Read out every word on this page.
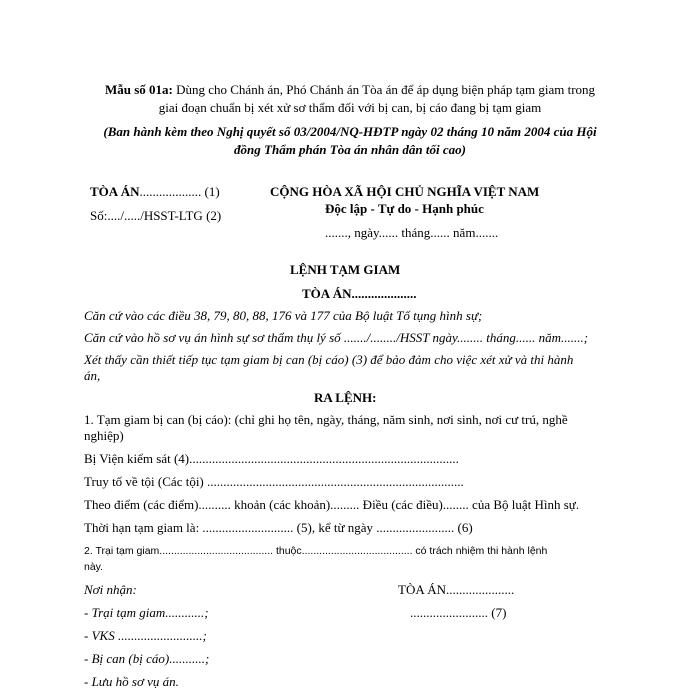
Mẫu số 01a: Dùng cho Chánh án, Phó Chánh án Tòa án để áp dụng biện pháp tạm giam trong
giai đoạn chuẩn bị xét xử sơ thẩm đối với bị can, bị cáo đang bị tạm giam
(Ban hành kèm theo Nghị quyết số 03/2004/NQ-HĐTP ngày 02 tháng 10 năm 2004 của Hội
đồng Thẩm phán Tòa án nhân dân tối cao)
TÒA ÁN................... (1)
Số:..../...../HSST-LTG (2)
CỘNG HÒA XÃ HỘI CHỦ NGHĨA VIỆT NAM
Độc lập - Tự do - Hạnh phúc
......., ngày...... tháng...... năm.......
LỆNH TẠM GIAM
TÒA ÁN....................
Căn cứ vào các điều 38, 79, 80, 88, 176 và 177 của Bộ luật Tố tụng hình sự;
Căn cứ vào hồ sơ vụ án hình sự sơ thẩm thụ lý số ......./......../HSST ngày........ tháng...... năm.......;
Xét thấy cần thiết tiếp tục tạm giam bị can (bị cáo) (3) để bảo đảm cho việc xét xử và thi hành
án,
RA LỆNH:
1. Tạm giam bị can (bị cáo): (chỉ ghi họ tên, ngày, tháng, năm sinh, nơi sinh, nơi cư trú, nghề
nghiệp)
Bị Viện kiểm sát (4)...................................................................................
Truy tố về tội (Các tội) ...............................................................................
Theo điểm (các điểm).......... khoản (các khoản)......... Điều (các điều)........ của Bộ luật Hình sự.
Thời hạn tạm giam là: ............................ (5), kể từ ngày ........................ (6)
2. Trại tạm giam....................................... thuộc...................................... có trách nhiệm thi hành lệnh
này.
Nơi nhận:
- Trại tạm giam............;
- VKS ..........................;
- Bị can (bị cáo)...........;
- Lưu hồ sơ vụ án.
TÒA ÁN.....................
........................ (7)
